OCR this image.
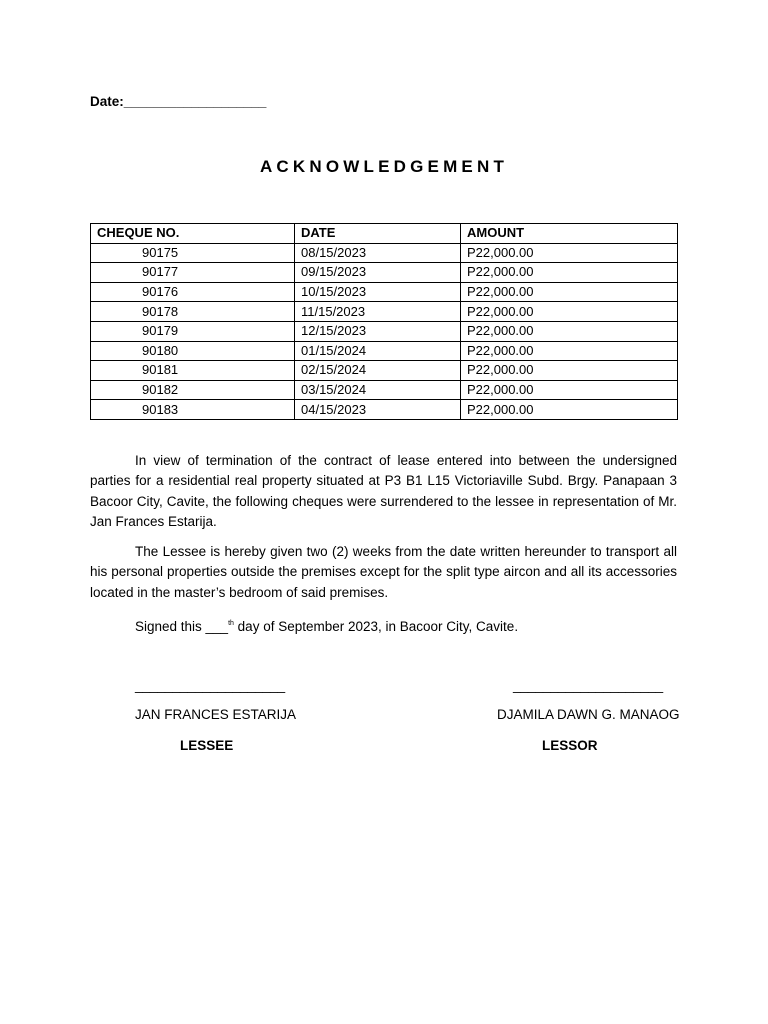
Date:___________________
ACKNOWLEDGEMENT
CHEQUE NO.	DATE	AMOUNT
90175	08/15/2023	P22,000.00
90177	09/15/2023	P22,000.00
90176	10/15/2023	P22,000.00
90178	11/15/2023	P22,000.00
90179	12/15/2023	P22,000.00
90180	01/15/2024	P22,000.00
90181	02/15/2024	P22,000.00
90182	03/15/2024	P22,000.00
90183	04/15/2023	P22,000.00
In view of termination of the contract of lease entered into between the undersigned parties for a residential real property situated at P3 B1 L15 Victoriaville Subd. Brgy. Panapaan 3 Bacoor City, Cavite, the following cheques were surrendered to the lessee in representation of Mr. Jan Frances Estarija.
The Lessee is hereby given two (2) weeks from the date written hereunder to transport all his personal properties outside the premises except for the split type aircon and all its accessories located in the master’s bedroom of said premises.
Signed this ___$^{th}$ day of September 2023, in Bacoor City, Cavite.
____________________
JAN FRANCES ESTARIJA
LESSEE
____________________
DJAMILA DAWN G. MANAOG
LESSOR
